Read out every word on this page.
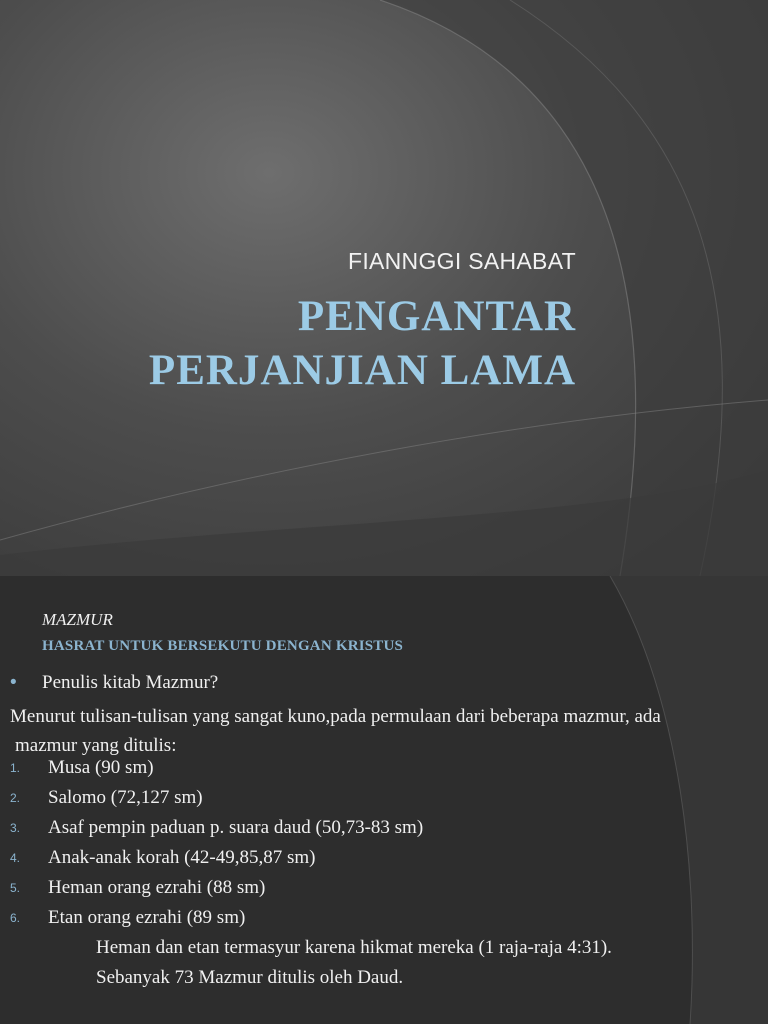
FIANNGGI SAHABAT
PENGANTAR
PERJANJIAN LAMA
MAZMUR
HASRAT UNTUK BERSEKUTU DENGAN KRISTUS
• Penulis kitab Mazmur?
Menurut tulisan-tulisan yang sangat kuno,pada permulaan dari beberapa mazmur, ada
mazmur yang ditulis:
1. Musa (90 sm)
2. Salomo (72,127 sm)
3. Asaf pempin paduan p. suara daud (50,73-83 sm)
4. Anak-anak korah (42-49,85,87 sm)
5. Heman orang ezrahi (88 sm)
6. Etan orang ezrahi (89 sm)
Heman dan etan termasyur karena hikmat mereka (1 raja-raja 4:31).
Sebanyak 73 Mazmur ditulis oleh Daud.
